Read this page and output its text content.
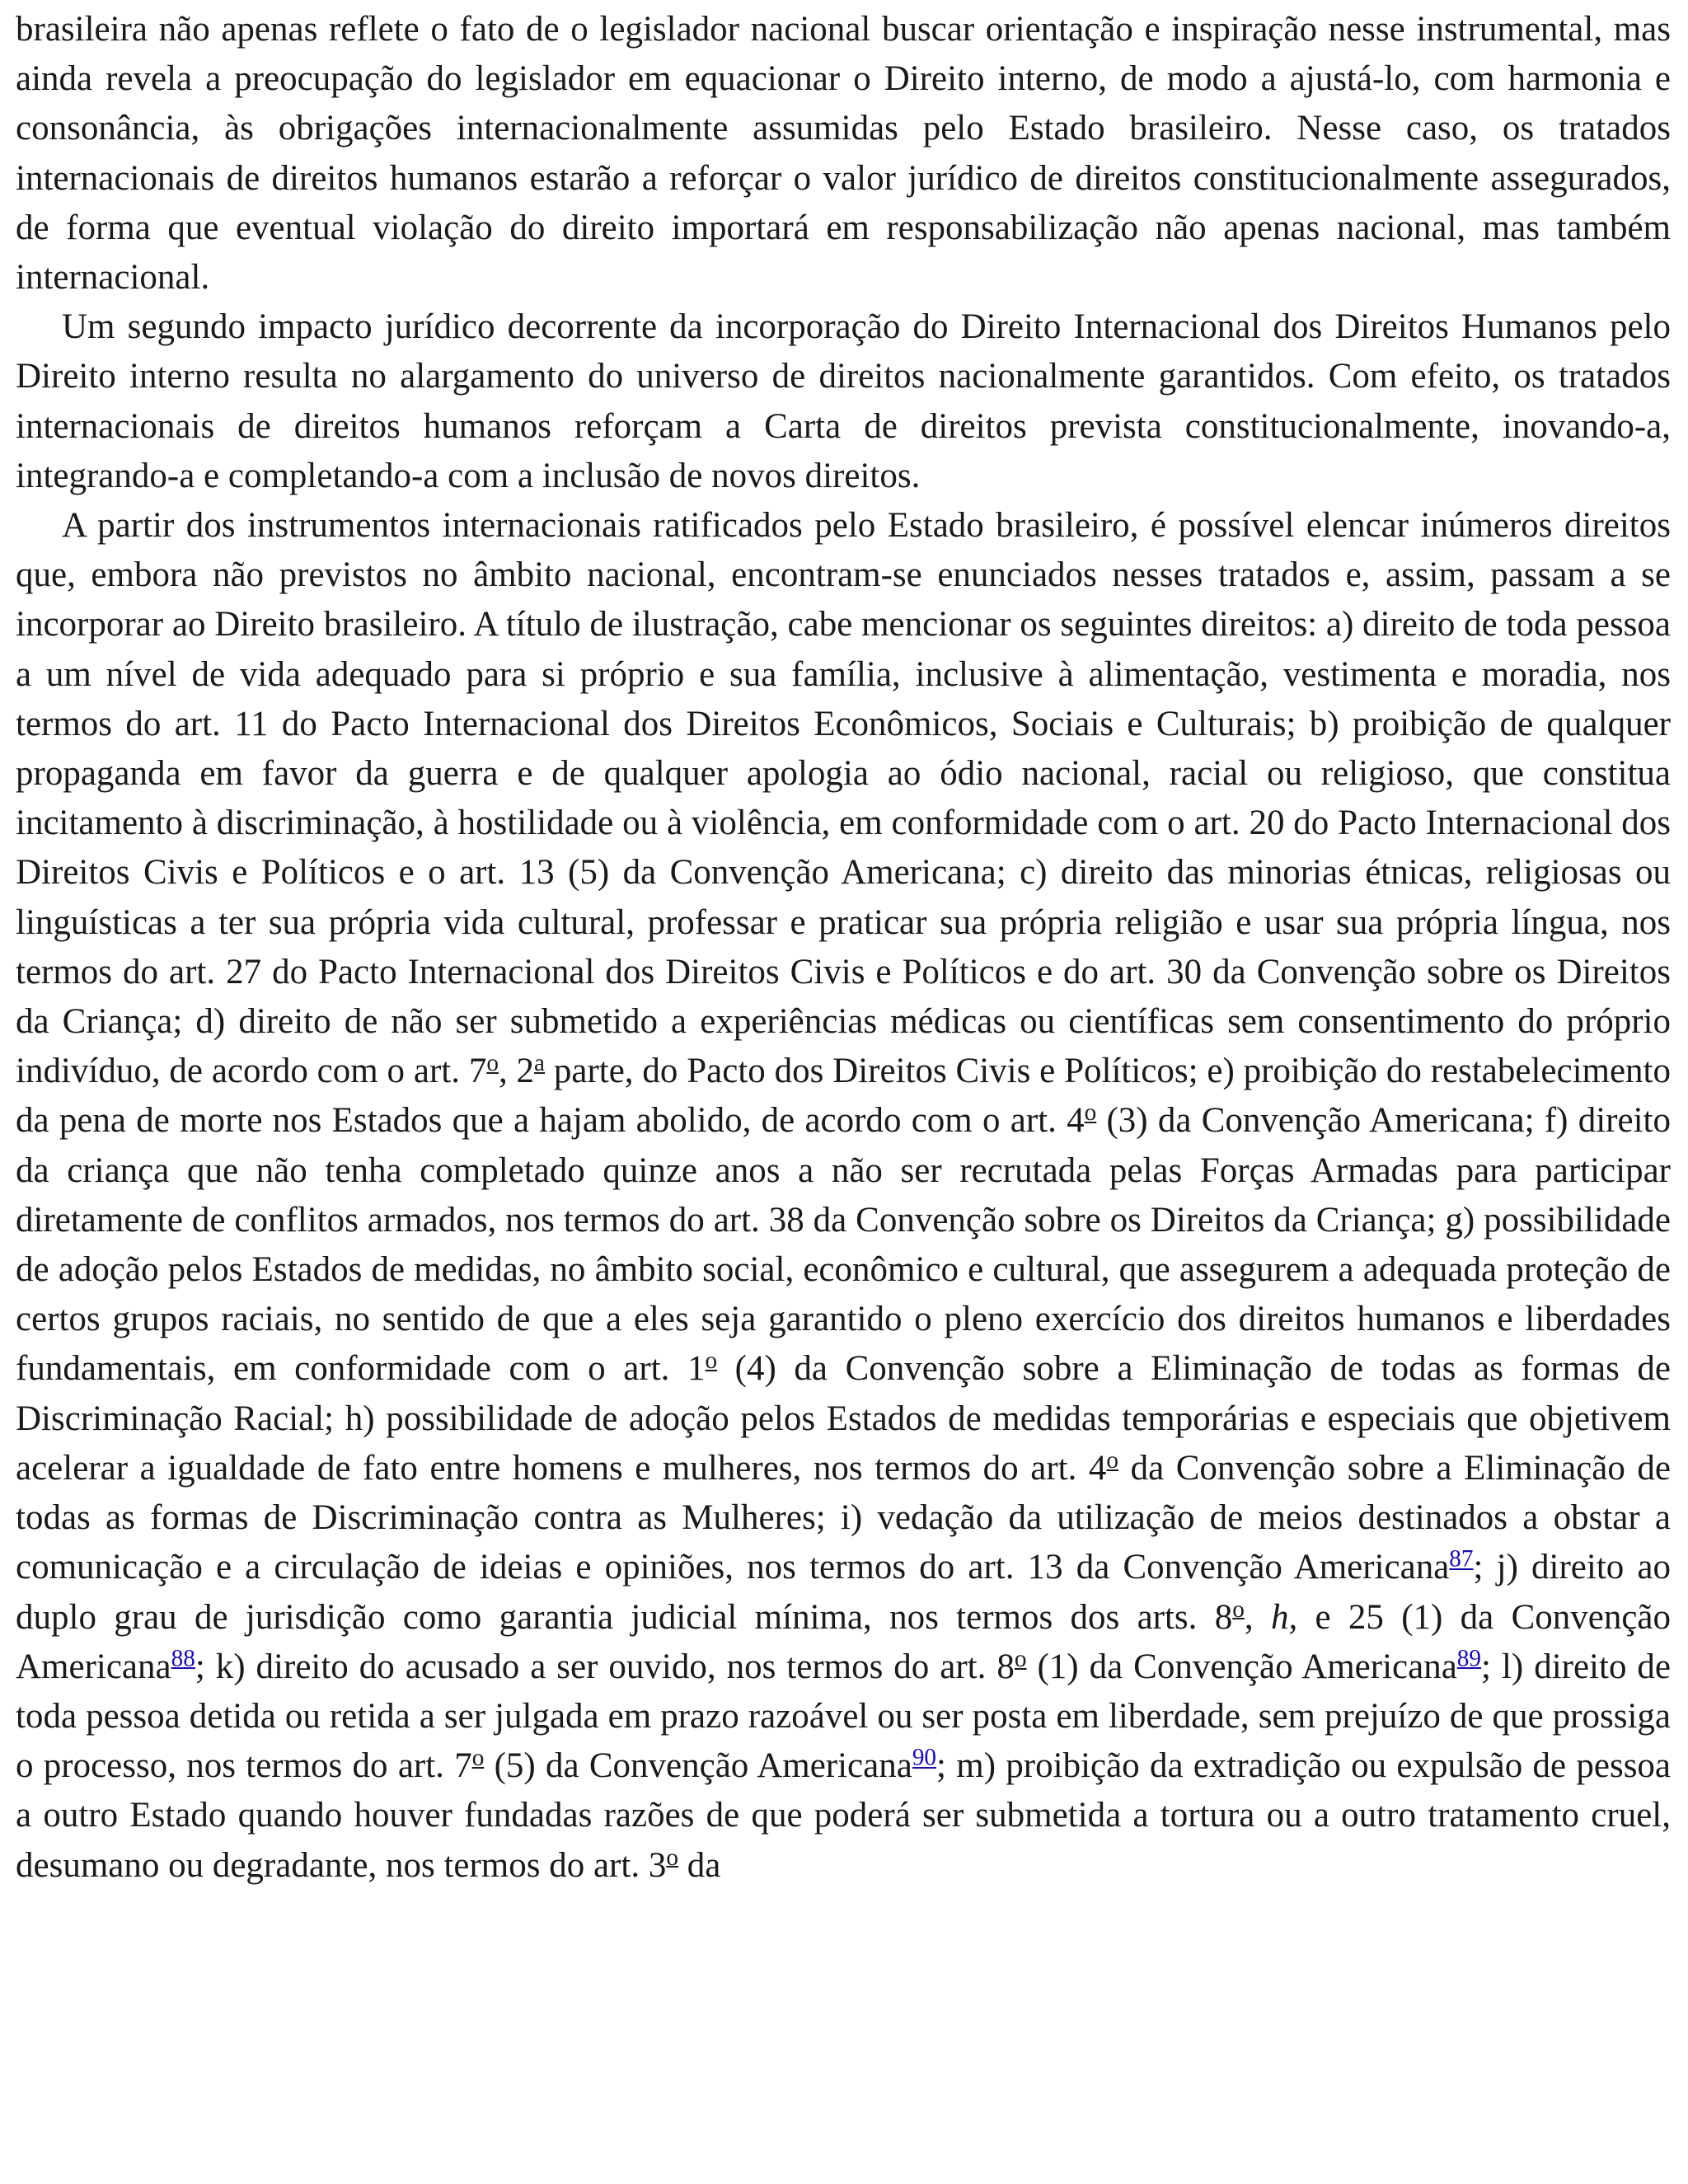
brasileira não apenas reflete o fato de o legislador nacional buscar orientação e inspiração nesse instrumental, mas ainda revela a preocupação do legislador em equacionar o Direito interno, de modo a ajustá-lo, com harmonia e consonância, às obrigações internacionalmente assumidas pelo Estado brasileiro. Nesse caso, os tratados internacionais de direitos humanos estarão a reforçar o valor jurídico de direitos constitucionalmente assegurados, de forma que eventual violação do direito importará em responsabilização não apenas nacional, mas também internacional.

Um segundo impacto jurídico decorrente da incorporação do Direito Internacional dos Direitos Humanos pelo Direito interno resulta no alargamento do universo de direitos nacionalmente garantidos. Com efeito, os tratados internacionais de direitos humanos reforçam a Carta de direitos prevista constitucionalmente, inovando-a, integrando-a e completando-a com a inclusão de novos direitos.

A partir dos instrumentos internacionais ratificados pelo Estado brasileiro, é possível elencar inúmeros direitos que, embora não previstos no âmbito nacional, encontram-se enunciados nesses tratados e, assim, passam a se incorporar ao Direito brasileiro. A título de ilustração, cabe mencionar os seguintes direitos: a) direito de toda pessoa a um nível de vida adequado para si próprio e sua família, inclusive à alimentação, vestimenta e moradia, nos termos do art. 11 do Pacto Internacional dos Direitos Econômicos, Sociais e Culturais; b) proibição de qualquer propaganda em favor da guerra e de qualquer apologia ao ódio nacional, racial ou religioso, que constitua incitamento à discriminação, à hostilidade ou à violência, em conformidade com o art. 20 do Pacto Internacional dos Direitos Civis e Políticos e o art. 13 (5) da Convenção Americana; c) direito das minorias étnicas, religiosas ou linguísticas a ter sua própria vida cultural, professar e praticar sua própria religião e usar sua própria língua, nos termos do art. 27 do Pacto Internacional dos Direitos Civis e Políticos e do art. 30 da Convenção sobre os Direitos da Criança; d) direito de não ser submetido a experiências médicas ou científicas sem consentimento do próprio indivíduo, de acordo com o art. 7$^o$, 2$^a$ parte, do Pacto dos Direitos Civis e Políticos; e) proibição do restabelecimento da pena de morte nos Estados que a hajam abolido, de acordo com o art. 4$^o$ (3) da Convenção Americana; f) direito da criança que não tenha completado quinze anos a não ser recrutada pelas Forças Armadas para participar diretamente de conflitos armados, nos termos do art. 38 da Convenção sobre os Direitos da Criança; g) possibilidade de adoção pelos Estados de medidas, no âmbito social, econômico e cultural, que assegurem a adequada proteção de certos grupos raciais, no sentido de que a eles seja garantido o pleno exercício dos direitos humanos e liberdades fundamentais, em conformidade com o art. 1$^o$ (4) da Convenção sobre a Eliminação de todas as formas de Discriminação Racial; h) possibilidade de adoção pelos Estados de medidas temporárias e especiais que objetivem acelerar a igualdade de fato entre homens e mulheres, nos termos do art. 4$^o$ da Convenção sobre a Eliminação de todas as formas de Discriminação contra as Mulheres; i) vedação da utilização de meios destinados a obstar a comunicação e a circulação de ideias e opiniões, nos termos do art. 13 da Convenção Americana$^{87}$; j) direito ao duplo grau de jurisdição como garantia judicial mínima, nos termos dos arts. 8$^o$, h, e 25 (1) da Convenção Americana$^{88}$; k) direito do acusado a ser ouvido, nos termos do art. 8$^o$ (1) da Convenção Americana$^{89}$; l) direito de toda pessoa detida ou retida a ser julgada em prazo razoável ou ser posta em liberdade, sem prejuízo de que prossiga o processo, nos termos do art. 7$^o$ (5) da Convenção Americana$^{90}$; m) proibição da extradição ou expulsão de pessoa a outro Estado quando houver fundadas razões de que poderá ser submetida a tortura ou a outro tratamento cruel, desumano ou degradante, nos termos do art. 3$^o$ da
